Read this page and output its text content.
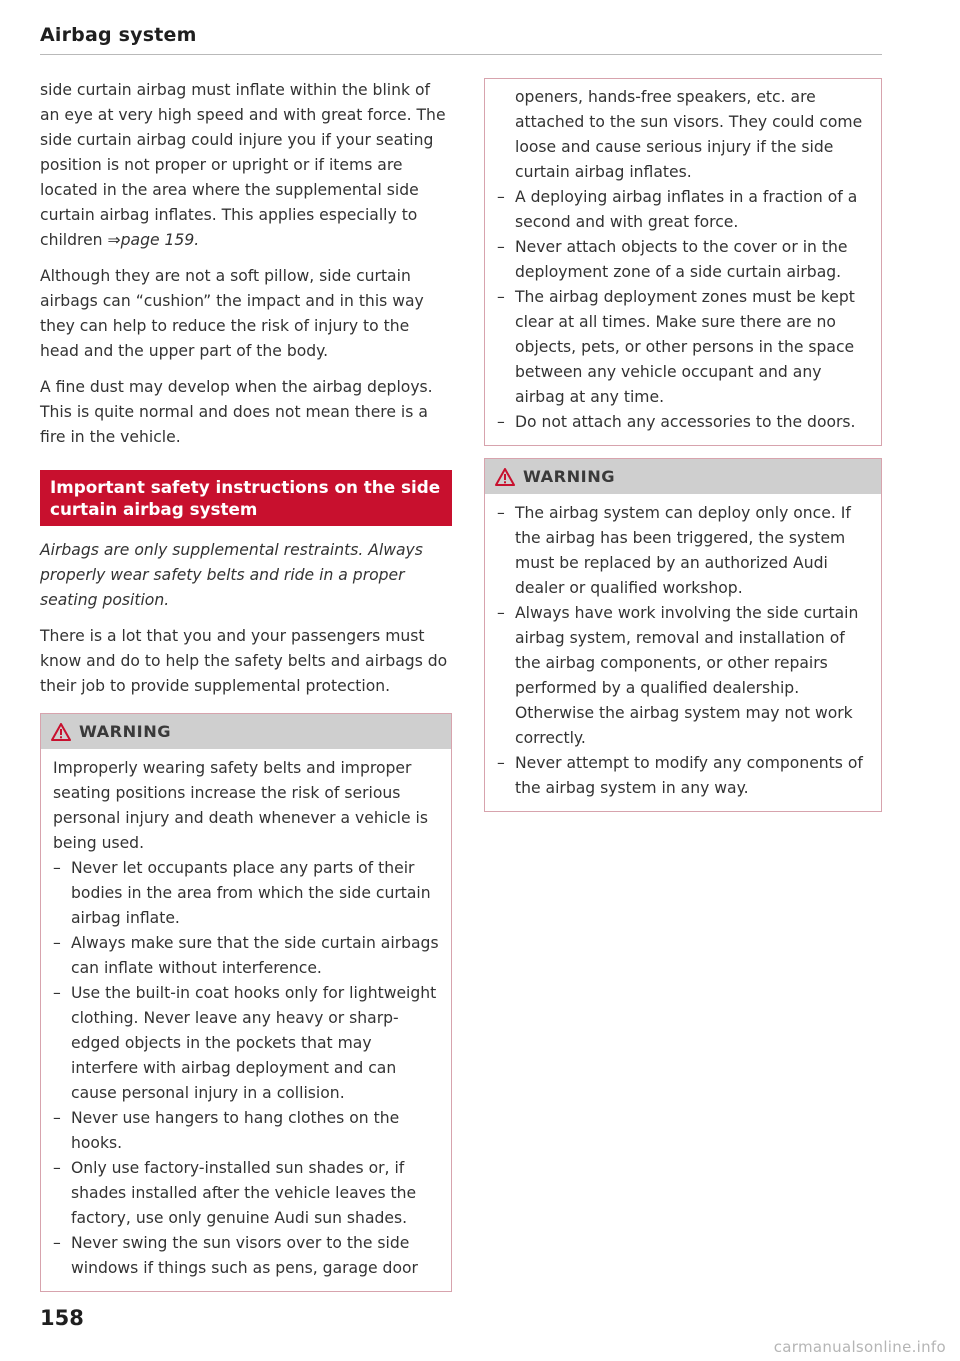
Airbag system

side curtain airbag must inflate within the blink of an eye at very high speed and with great force. The side curtain airbag could injure you if your seating position is not proper or upright or if items are located in the area where the supplemental side curtain airbag inflates. This applies especially to children ⇒page 159.

Although they are not a soft pillow, side curtain airbags can “cushion” the impact and in this way they can help to reduce the risk of injury to the head and the upper part of the body.

A fine dust may develop when the airbag deploys. This is quite normal and does not mean there is a fire in the vehicle.

Important safety instructions on the side curtain airbag system

Airbags are only supplemental restraints. Always properly wear safety belts and ride in a proper seating position.

There is a lot that you and your passengers must know and do to help the safety belts and airbags do their job to provide supplemental protection.

WARNING

Improperly wearing safety belts and improper seating positions increase the risk of serious personal injury and death whenever a vehicle is being used.

– Never let occupants place any parts of their bodies in the area from which the side curtain airbag inflate.
– Always make sure that the side curtain airbags can inflate without interference.
– Use the built-in coat hooks only for lightweight clothing. Never leave any heavy or sharp-edged objects in the pockets that may interfere with airbag deployment and can cause personal injury in a collision.
– Never use hangers to hang clothes on the hooks.
– Only use factory-installed sun shades or, if shades installed after the vehicle leaves the factory, use only genuine Audi sun shades.
– Never swing the sun visors over to the side windows if things such as pens, garage door
openers, hands-free speakers, etc. are attached to the sun visors. They could come loose and cause serious injury if the side curtain airbag inflates.
– A deploying airbag inflates in a fraction of a second and with great force.
– Never attach objects to the cover or in the deployment zone of a side curtain airbag.
– The airbag deployment zones must be kept clear at all times. Make sure there are no objects, pets, or other persons in the space between any vehicle occupant and any airbag at any time.
– Do not attach any accessories to the doors.
WARNING
– The airbag system can deploy only once. If the airbag has been triggered, the system must be replaced by an authorized Audi dealer or qualified workshop.
– Always have work involving the side curtain airbag system, removal and installation of the airbag components, or other repairs performed by a qualified dealership. Otherwise the airbag system may not work correctly.
– Never attempt to modify any components of the airbag system in any way.
158
carmanualsonline.info
